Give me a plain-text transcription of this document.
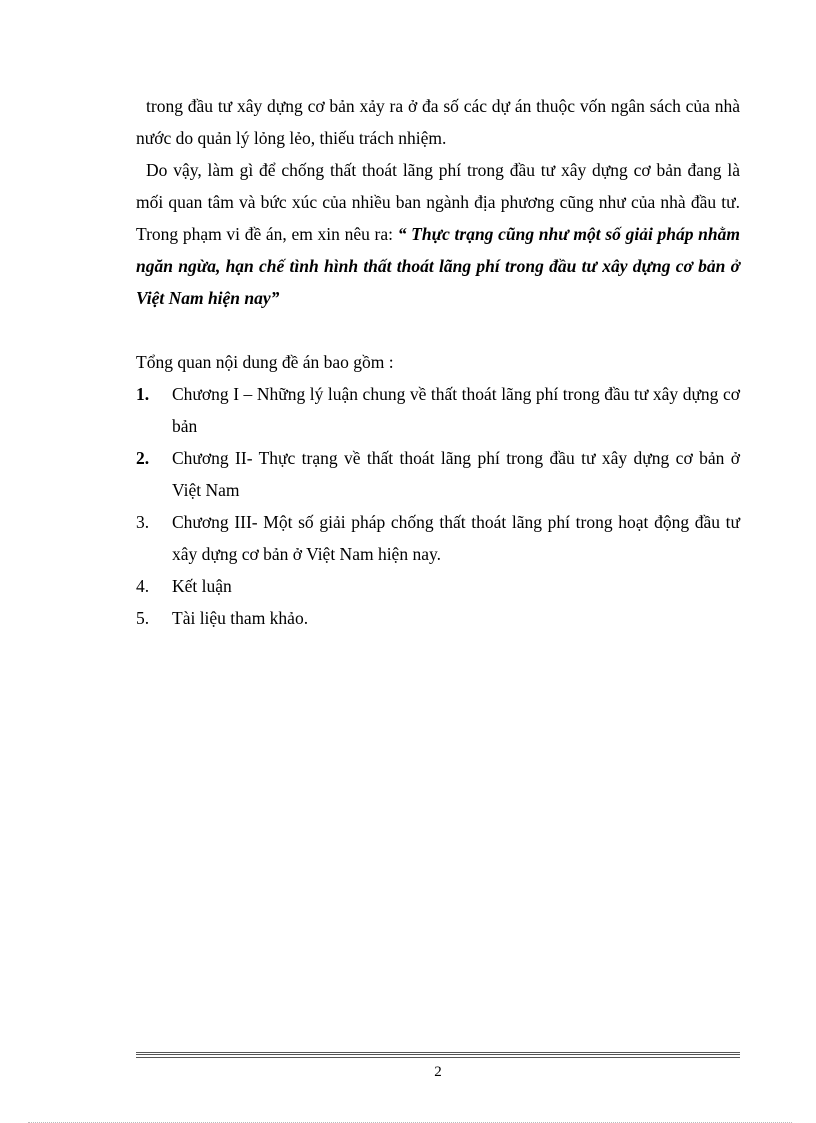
trong đầu tư xây dựng cơ bản xảy ra ở đa số các dự án thuộc vốn ngân sách của nhà nước do quản lý lỏng lẻo, thiếu trách nhiệm.

Do vậy, làm gì để chống thất thoát lãng phí trong đầu tư xây dựng cơ bản đang là mối quan tâm và bức xúc của nhiều ban ngành địa phương cũng như của nhà đầu tư. Trong phạm vi đề án, em xin nêu ra: “ Thực trạng cũng như một số giải pháp nhằm ngăn ngừa, hạn chế tình hình thất thoát lãng phí trong đầu tư xây dựng cơ bản ở Việt Nam hiện nay”

Tổng quan nội dung đề án bao gồm :

1. Chương I – Những lý luận chung về thất thoát lãng phí trong đầu tư xây dựng cơ bản
2. Chương II- Thực trạng về thất thoát lãng phí trong đầu tư xây dựng cơ bản ở Việt Nam
3. Chương III- Một số giải pháp chống thất thoát lãng phí trong hoạt động đầu tư xây dựng cơ bản ở Việt Nam hiện nay.
4. Kết luận
5. Tài liệu tham khảo.
2
